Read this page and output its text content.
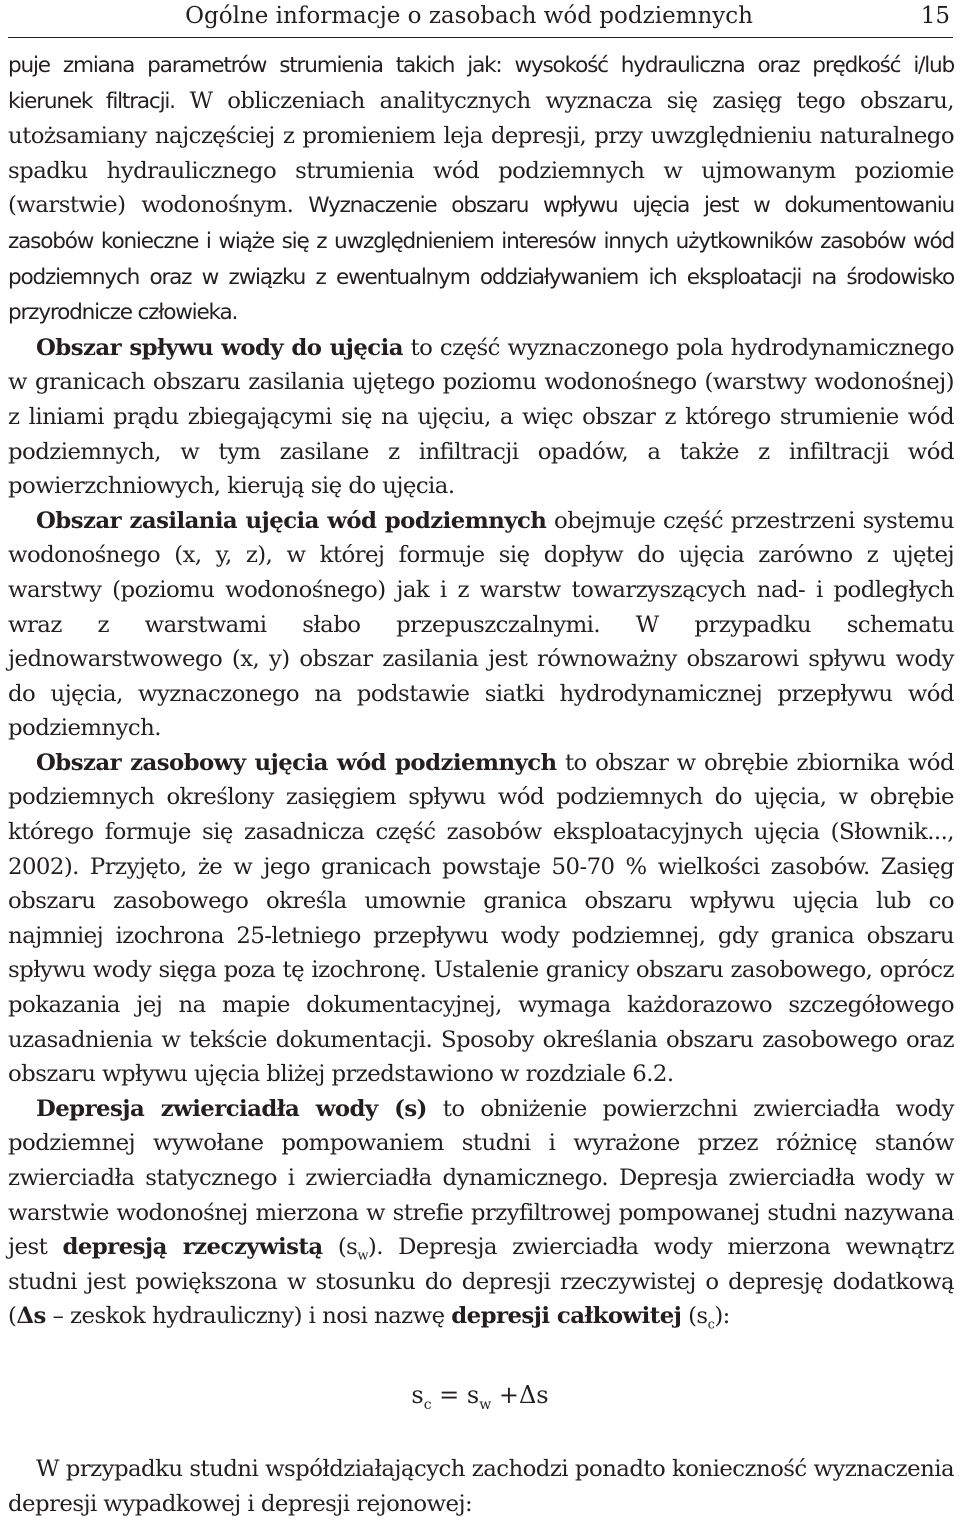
Ogólne informacje o zasobach wód podziemnych	15

puje zmiana parametrów strumienia takich jak: wysokość hydrauliczna oraz prędkość i/lub kierunek filtracji. W obliczeniach analitycznych wyznacza się zasięg tego obszaru, utożsamiany najczęściej z promieniem leja depresji, przy uwzględnieniu naturalnego spadku hydraulicznego strumienia wód podziemnych w ujmowanym poziomie (warstwie) wodonośnym. Wyznaczenie obszaru wpływu ujęcia jest w dokumentowaniu zasobów konieczne i wiąże się z uwzględnieniem interesów innych użytkowników zasobów wód podziemnych oraz w związku z ewentualnym oddziaływaniem ich eksploatacji na środowisko przyrodnicze człowieka.

Obszar spływu wody do ujęcia to część wyznaczonego pola hydrodynamicznego w granicach obszaru zasilania ujętego poziomu wodonośnego (warstwy wodonośnej) z liniami prądu zbiegającymi się na ujęciu, a więc obszar z którego strumienie wód podziemnych, w tym zasilane z infiltracji opadów, a także z infiltracji wód powierzchniowych, kierują się do ujęcia.

Obszar zasilania ujęcia wód podziemnych obejmuje część przestrzeni systemu wodonośnego (x, y, z), w której formuje się dopływ do ujęcia zarówno z ujętej warstwy (poziomu wodonośnego) jak i z warstw towarzyszących nad- i podległych wraz z warstwami słabo przepuszczalnymi. W przypadku schematu jednowarstwowego (x, y) obszar zasilania jest równoważny obszarowi spływu wody do ujęcia, wyznaczonego na podstawie siatki hydrodynamicznej przepływu wód podziemnych.

Obszar zasobowy ujęcia wód podziemnych to obszar w obrębie zbiornika wód podziemnych określony zasięgiem spływu wód podziemnych do ujęcia, w obrębie którego formuje się zasadnicza część zasobów eksploatacyjnych ujęcia (Słownik..., 2002). Przyjęto, że w jego granicach powstaje 50-70 % wielkości zasobów. Zasięg obszaru zasobowego określa umownie granica obszaru wpływu ujęcia lub co najmniej izochrona 25-letniego przepływu wody podziemnej, gdy granica obszaru spływu wody sięga poza tę izochronę. Ustalenie granicy obszaru zasobowego, oprócz pokazania jej na mapie dokumentacyjnej, wymaga każdorazowo szczegółowego uzasadnienia w tekście dokumentacji. Sposoby określania obszaru zasobowego oraz obszaru wpływu ujęcia bliżej przedstawiono w rozdziale 6.2.

Depresja zwierciadła wody (s) to obniżenie powierzchni zwierciadła wody podziemnej wywołane pompowaniem studni i wyrażone przez różnicę stanów zwierciadła statycznego i zwierciadła dynamicznego. Depresja zwierciadła wody w warstwie wodonośnej mierzona w strefie przyfiltrowej pompowanej studni nazywana jest depresją rzeczywistą $(s_w)$. Depresja zwierciadła wody mierzona wewnątrz studni jest powiększona w stosunku do depresji rzeczywistej o depresję dodatkową (Δs – zeskok hydrauliczny) i nosi nazwę depresji całkowitej $(s_c)$:

$s_c = s_w +\Delta s$

W przypadku studni współdziałających zachodzi ponadto konieczność wyznaczenia depresji wypadkowej i depresji rejonowej:
